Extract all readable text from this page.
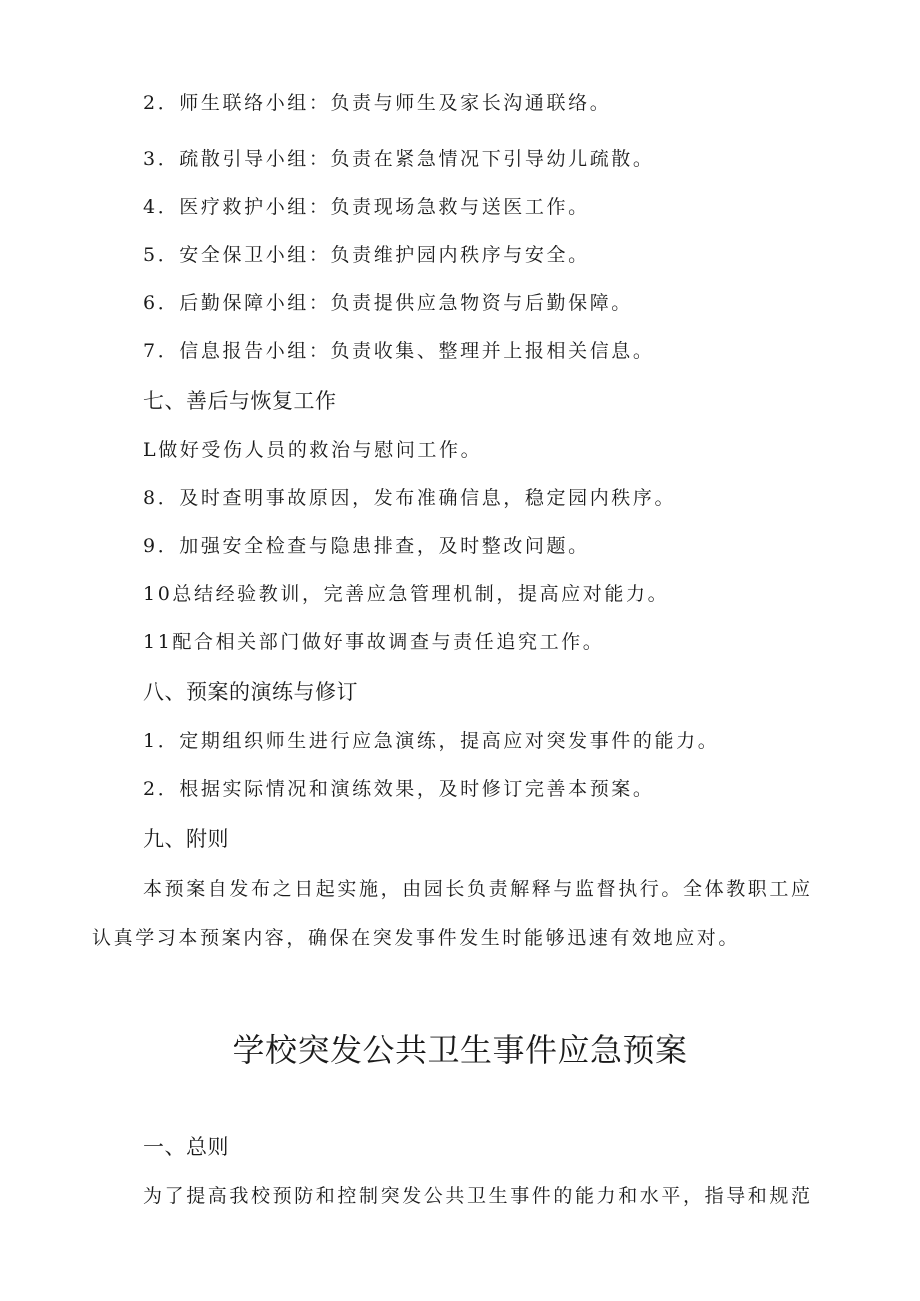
2．师生联络小组：负责与师生及家长沟通联络。
3．疏散引导小组：负责在紧急情况下引导幼儿疏散。
4．医疗救护小组：负责现场急救与送医工作。
5．安全保卫小组：负责维护园内秩序与安全。
6．后勤保障小组：负责提供应急物资与后勤保障。
7．信息报告小组：负责收集、整理并上报相关信息。
七、善后与恢复工作
L做好受伤人员的救治与慰问工作。
8．及时查明事故原因，发布准确信息，稳定园内秩序。
9．加强安全检查与隐患排查，及时整改问题。
10总结经验教训，完善应急管理机制，提高应对能力。
11配合相关部门做好事故调查与责任追究工作。
八、预案的演练与修订
1．定期组织师生进行应急演练，提高应对突发事件的能力。
2．根据实际情况和演练效果，及时修订完善本预案。
九、附则
本预案自发布之日起实施，由园长负责解释与监督执行。全体教职工应
认真学习本预案内容，确保在突发事件发生时能够迅速有效地应对。
学校突发公共卫生事件应急预案
一、总则
为了提高我校预防和控制突发公共卫生事件的能力和水平，指导和规范
